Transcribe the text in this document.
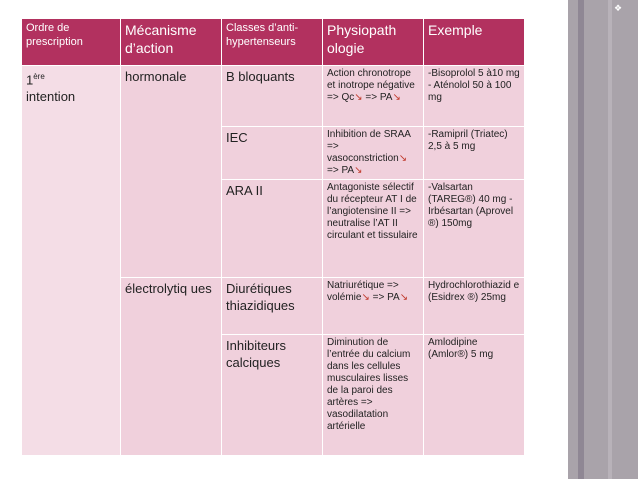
❖
Ordre de prescription	Mécanisme d’action	Classes d’anti-hypertenseurs	Physiopath ologie	Exemple
1ère
intention	hormonale	B bloquants	Action chronotrope et inotrope négative => Qc↘ => PA↘	-Bisoprolol 5 à10 mg - Aténolol 50 à 100 mg
		IEC	Inhibition de SRAA => vasoconstriction↘ => PA↘	-Ramipril (Triatec) 2,5 à 5 mg
		ARA II	Antagoniste sélectif du récepteur AT I de l’angiotensine II => neutralise l’AT II circulant et tissulaire	-Valsartan (TAREG®) 40 mg -Irbésartan (Aprovel ®) 150mg
	électrolytiq ues	Diurétiques thiazidiques	Natriurétique => volémie↘ => PA↘	Hydrochlorothiazid e (Esidrex ®) 25mg
		Inhibiteurs calciques	Diminution de l’entrée du calcium dans les cellules musculaires lisses de la paroi des artères => vasodilatation artérielle	Amlodipine (Amlor®) 5 mg
